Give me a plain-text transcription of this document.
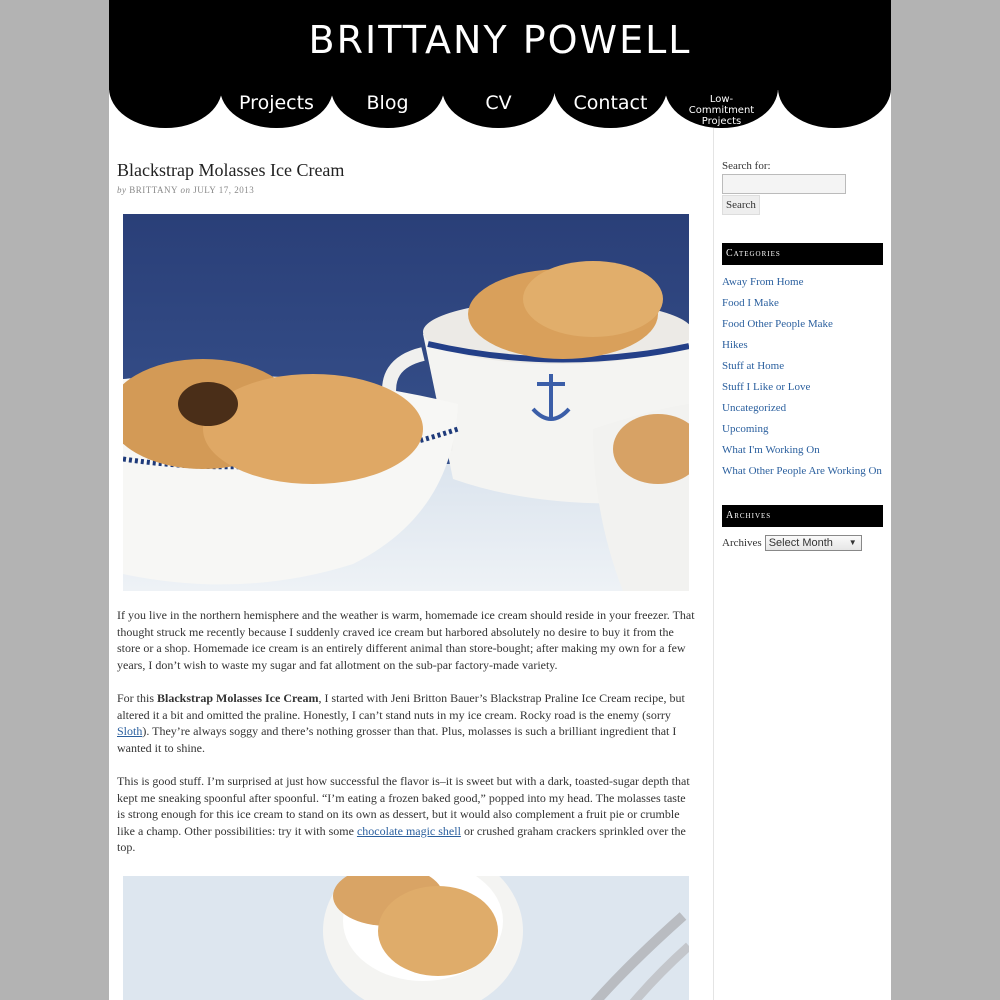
BRITTANY POWELL
Projects	Blog	CV	Contact	Low-Commitment Projects
Blackstrap Molasses Ice Cream
by BRITTANY on JULY 17, 2013

If you live in the northern hemisphere and the weather is warm, homemade ice cream should reside in your freezer. That thought struck me recently because I suddenly craved ice cream but harbored absolutely no desire to buy it from the store or a shop. Homemade ice cream is an entirely different animal than store-bought; after making my own for a few years, I don’t wish to waste my sugar and fat allotment on the sub-par factory-made variety.

For this Blackstrap Molasses Ice Cream, I started with Jeni Britton Bauer’s Blackstrap Praline Ice Cream recipe, but altered it a bit and omitted the praline. Honestly, I can’t stand nuts in my ice cream. Rocky road is the enemy (sorry Sloth). They’re always soggy and there’s nothing grosser than that. Plus, molasses is such a brilliant ingredient that I wanted it to shine.

This is good stuff. I’m surprised at just how successful the flavor is–it is sweet but with a dark, toasted-sugar depth that kept me sneaking spoonful after spoonful. “I’m eating a frozen baked good,” popped into my head. The molasses taste is strong enough for this ice cream to stand on its own as dessert, but it would also complement a fruit pie or crumble like a champ. Other possibilities: try it with some chocolate magic shell or crushed graham crackers sprinkled over the top.

Search for:
Search
Categories
Away From Home
Food I Make
Food Other People Make
Hikes
Stuff at Home
Stuff I Like or Love
Uncategorized
Upcoming
What I'm Working On
What Other People Are Working On
Archives
Archives Select Month ▼
